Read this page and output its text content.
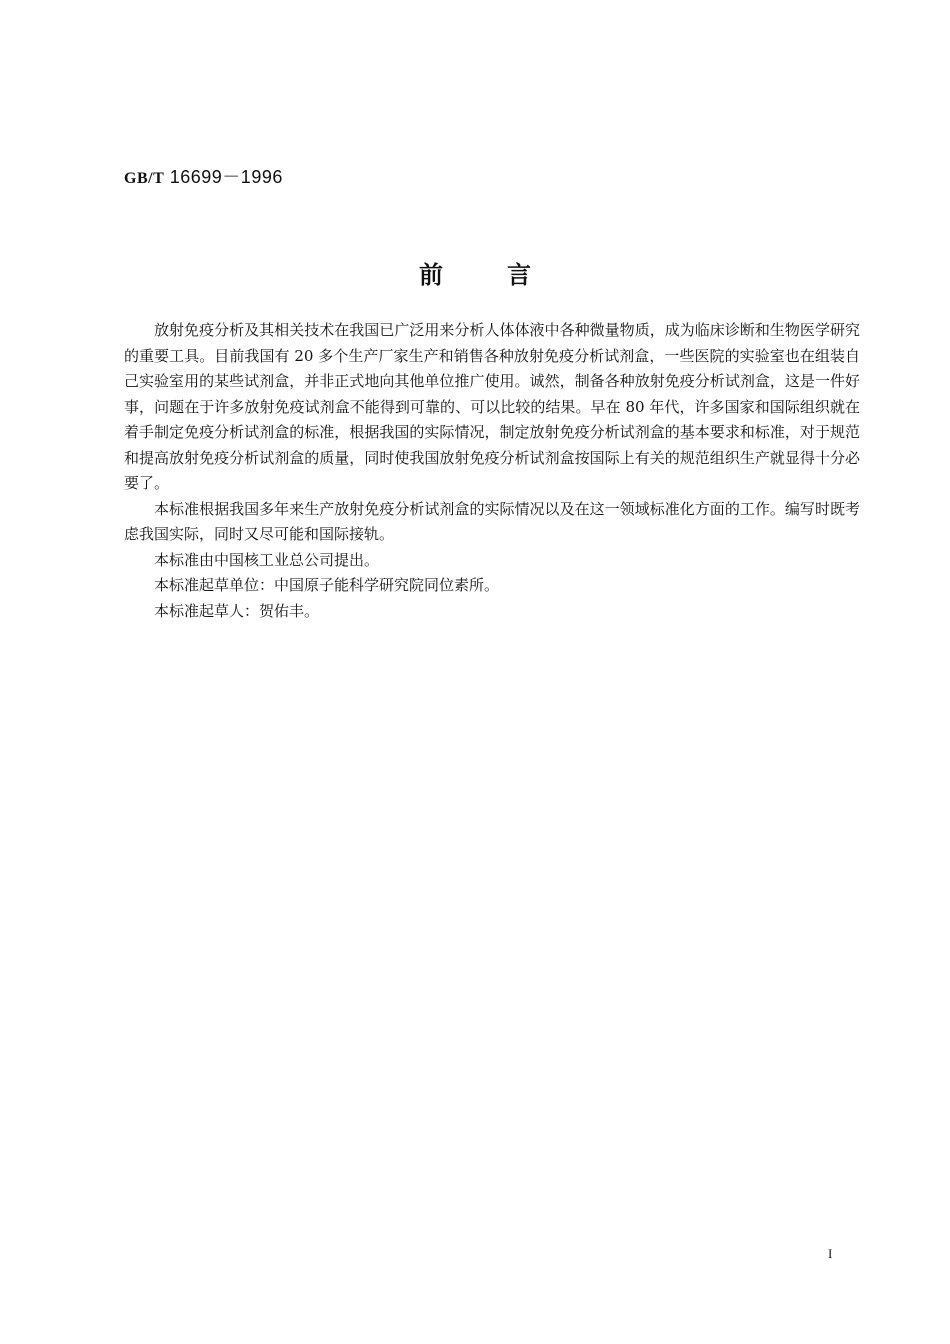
GB/T 16699－1996
前言

放射免疫分析及其相关技术在我国已广泛用来分析人体体液中各种微量物质，成为临床诊断和生物医学研究的重要工具。目前我国有 20 多个生产厂家生产和销售各种放射免疫分析试剂盒，一些医院的实验室也在组装自己实验室用的某些试剂盒，并非正式地向其他单位推广使用。诚然，制备各种放射免疫分析试剂盒，这是一件好事，问题在于许多放射免疫试剂盒不能得到可靠的、可以比较的结果。早在 80 年代，许多国家和国际组织就在着手制定免疫分析试剂盒的标准，根据我国的实际情况，制定放射免疫分析试剂盒的基本要求和标准，对于规范和提高放射免疫分析试剂盒的质量，同时使我国放射免疫分析试剂盒按国际上有关的规范组织生产就显得十分必要了。

本标准根据我国多年来生产放射免疫分析试剂盒的实际情况以及在这一领域标准化方面的工作。编写时既考虑我国实际，同时又尽可能和国际接轨。

本标准由中国核工业总公司提出。

本标准起草单位：中国原子能科学研究院同位素所。

本标准起草人：贺佑丰。

I
